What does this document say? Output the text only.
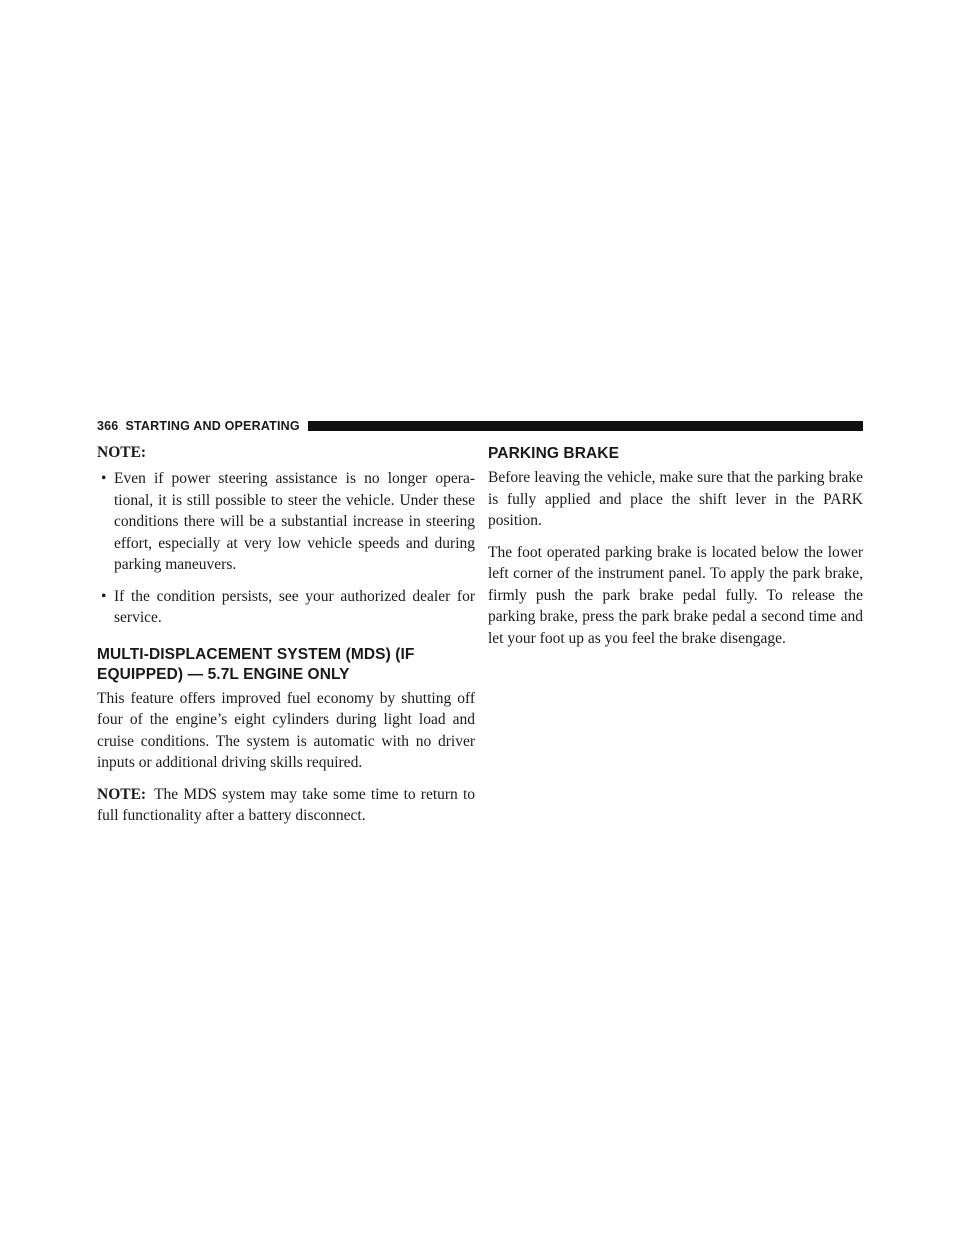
366 STARTING AND OPERATING
NOTE:
• Even if power steering assistance is no longer opera-tional, it is still possible to steer the vehicle. Under these conditions there will be a substantial increase in steering effort, especially at very low vehicle speeds and during parking maneuvers.
• If the condition persists, see your authorized dealer for service.
MULTI-DISPLACEMENT SYSTEM (MDS) (IF EQUIPPED) — 5.7L ENGINE ONLY

This feature offers improved fuel economy by shutting off four of the engine’s eight cylinders during light load and cruise conditions. The system is automatic with no driver inputs or additional driving skills required.

NOTE: The MDS system may take some time to return to full functionality after a battery disconnect.

PARKING BRAKE

Before leaving the vehicle, make sure that the parking brake is fully applied and place the shift lever in the PARK position.

The foot operated parking brake is located below the lower left corner of the instrument panel. To apply the park brake, firmly push the park brake pedal fully. To release the parking brake, press the park brake pedal a second time and let your foot up as you feel the brake disengage.
